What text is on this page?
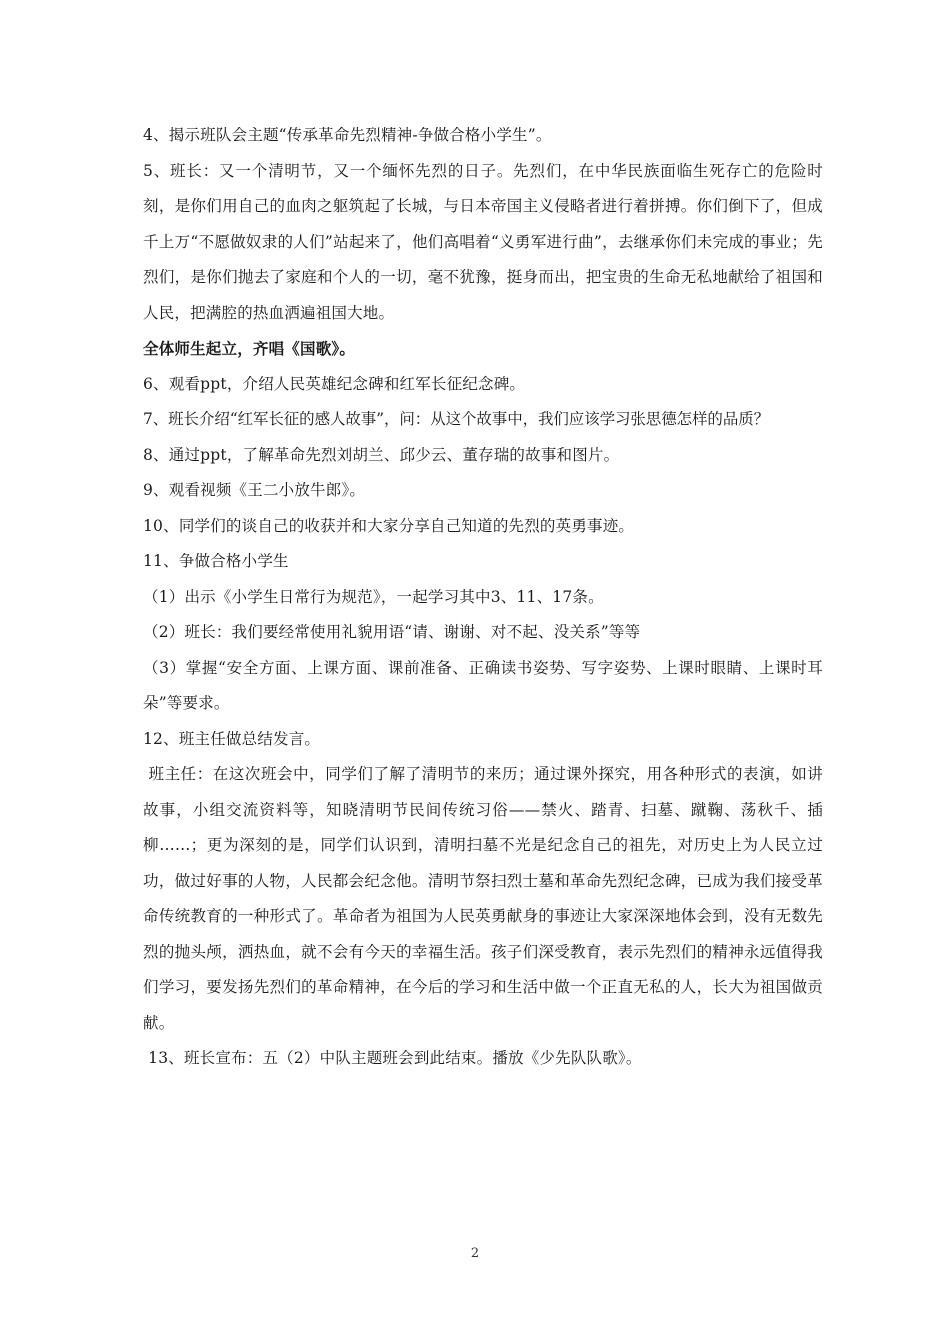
4、揭示班队会主题“传承革命先烈精神-争做合格小学生”。

5、班长：又一个清明节，又一个缅怀先烈的日子。先烈们，在中华民族面临生死存亡的危险时刻，是你们用自己的血肉之躯筑起了长城，与日本帝国主义侵略者进行着拼搏。你们倒下了，但成千上万“不愿做奴隶的人们”站起来了，他们高唱着“义勇军进行曲”，去继承你们未完成的事业；先烈们，是你们抛去了家庭和个人的一切，毫不犹豫，挺身而出，把宝贵的生命无私地献给了祖国和人民，把满腔的热血洒遍祖国大地。

全体师生起立，齐唱《国歌》。

6、观看ppt，介绍人民英雄纪念碑和红军长征纪念碑。

7、班长介绍“红军长征的感人故事”，问：从这个故事中，我们应该学习张思德怎样的品质？

8、通过ppt，了解革命先烈刘胡兰、邱少云、董存瑞的故事和图片。

9、观看视频《王二小放牛郎》。

10、同学们的谈自己的收获并和大家分享自己知道的先烈的英勇事迹。

11、争做合格小学生

（1）出示《小学生日常行为规范》，一起学习其中3、11、17条。

（2）班长：我们要经常使用礼貌用语“请、谢谢、对不起、没关系”等等

（3）掌握“安全方面、上课方面、课前准备、正确读书姿势、写字姿势、上课时眼睛、上课时耳朵”等要求。

12、班主任做总结发言。

班主任：在这次班会中，同学们了解了清明节的来历；通过课外探究，用各种形式的表演，如讲故事，小组交流资料等，知晓清明节民间传统习俗——禁火、踏青、扫墓、蹴鞠、荡秋千、插柳……；更为深刻的是，同学们认识到，清明扫墓不光是纪念自己的祖先，对历史上为人民立过功，做过好事的人物，人民都会纪念他。清明节祭扫烈士墓和革命先烈纪念碑，已成为我们接受革命传统教育的一种形式了。革命者为祖国为人民英勇献身的事迹让大家深深地体会到，没有无数先烈的抛头颅，洒热血，就不会有今天的幸福生活。孩子们深受教育，表示先烈们的精神永远值得我们学习，要发扬先烈们的革命精神，在今后的学习和生活中做一个正直无私的人，长大为祖国做贡献。

13、班长宣布：五（2）中队主题班会到此结束。播放《少先队队歌》。

2
